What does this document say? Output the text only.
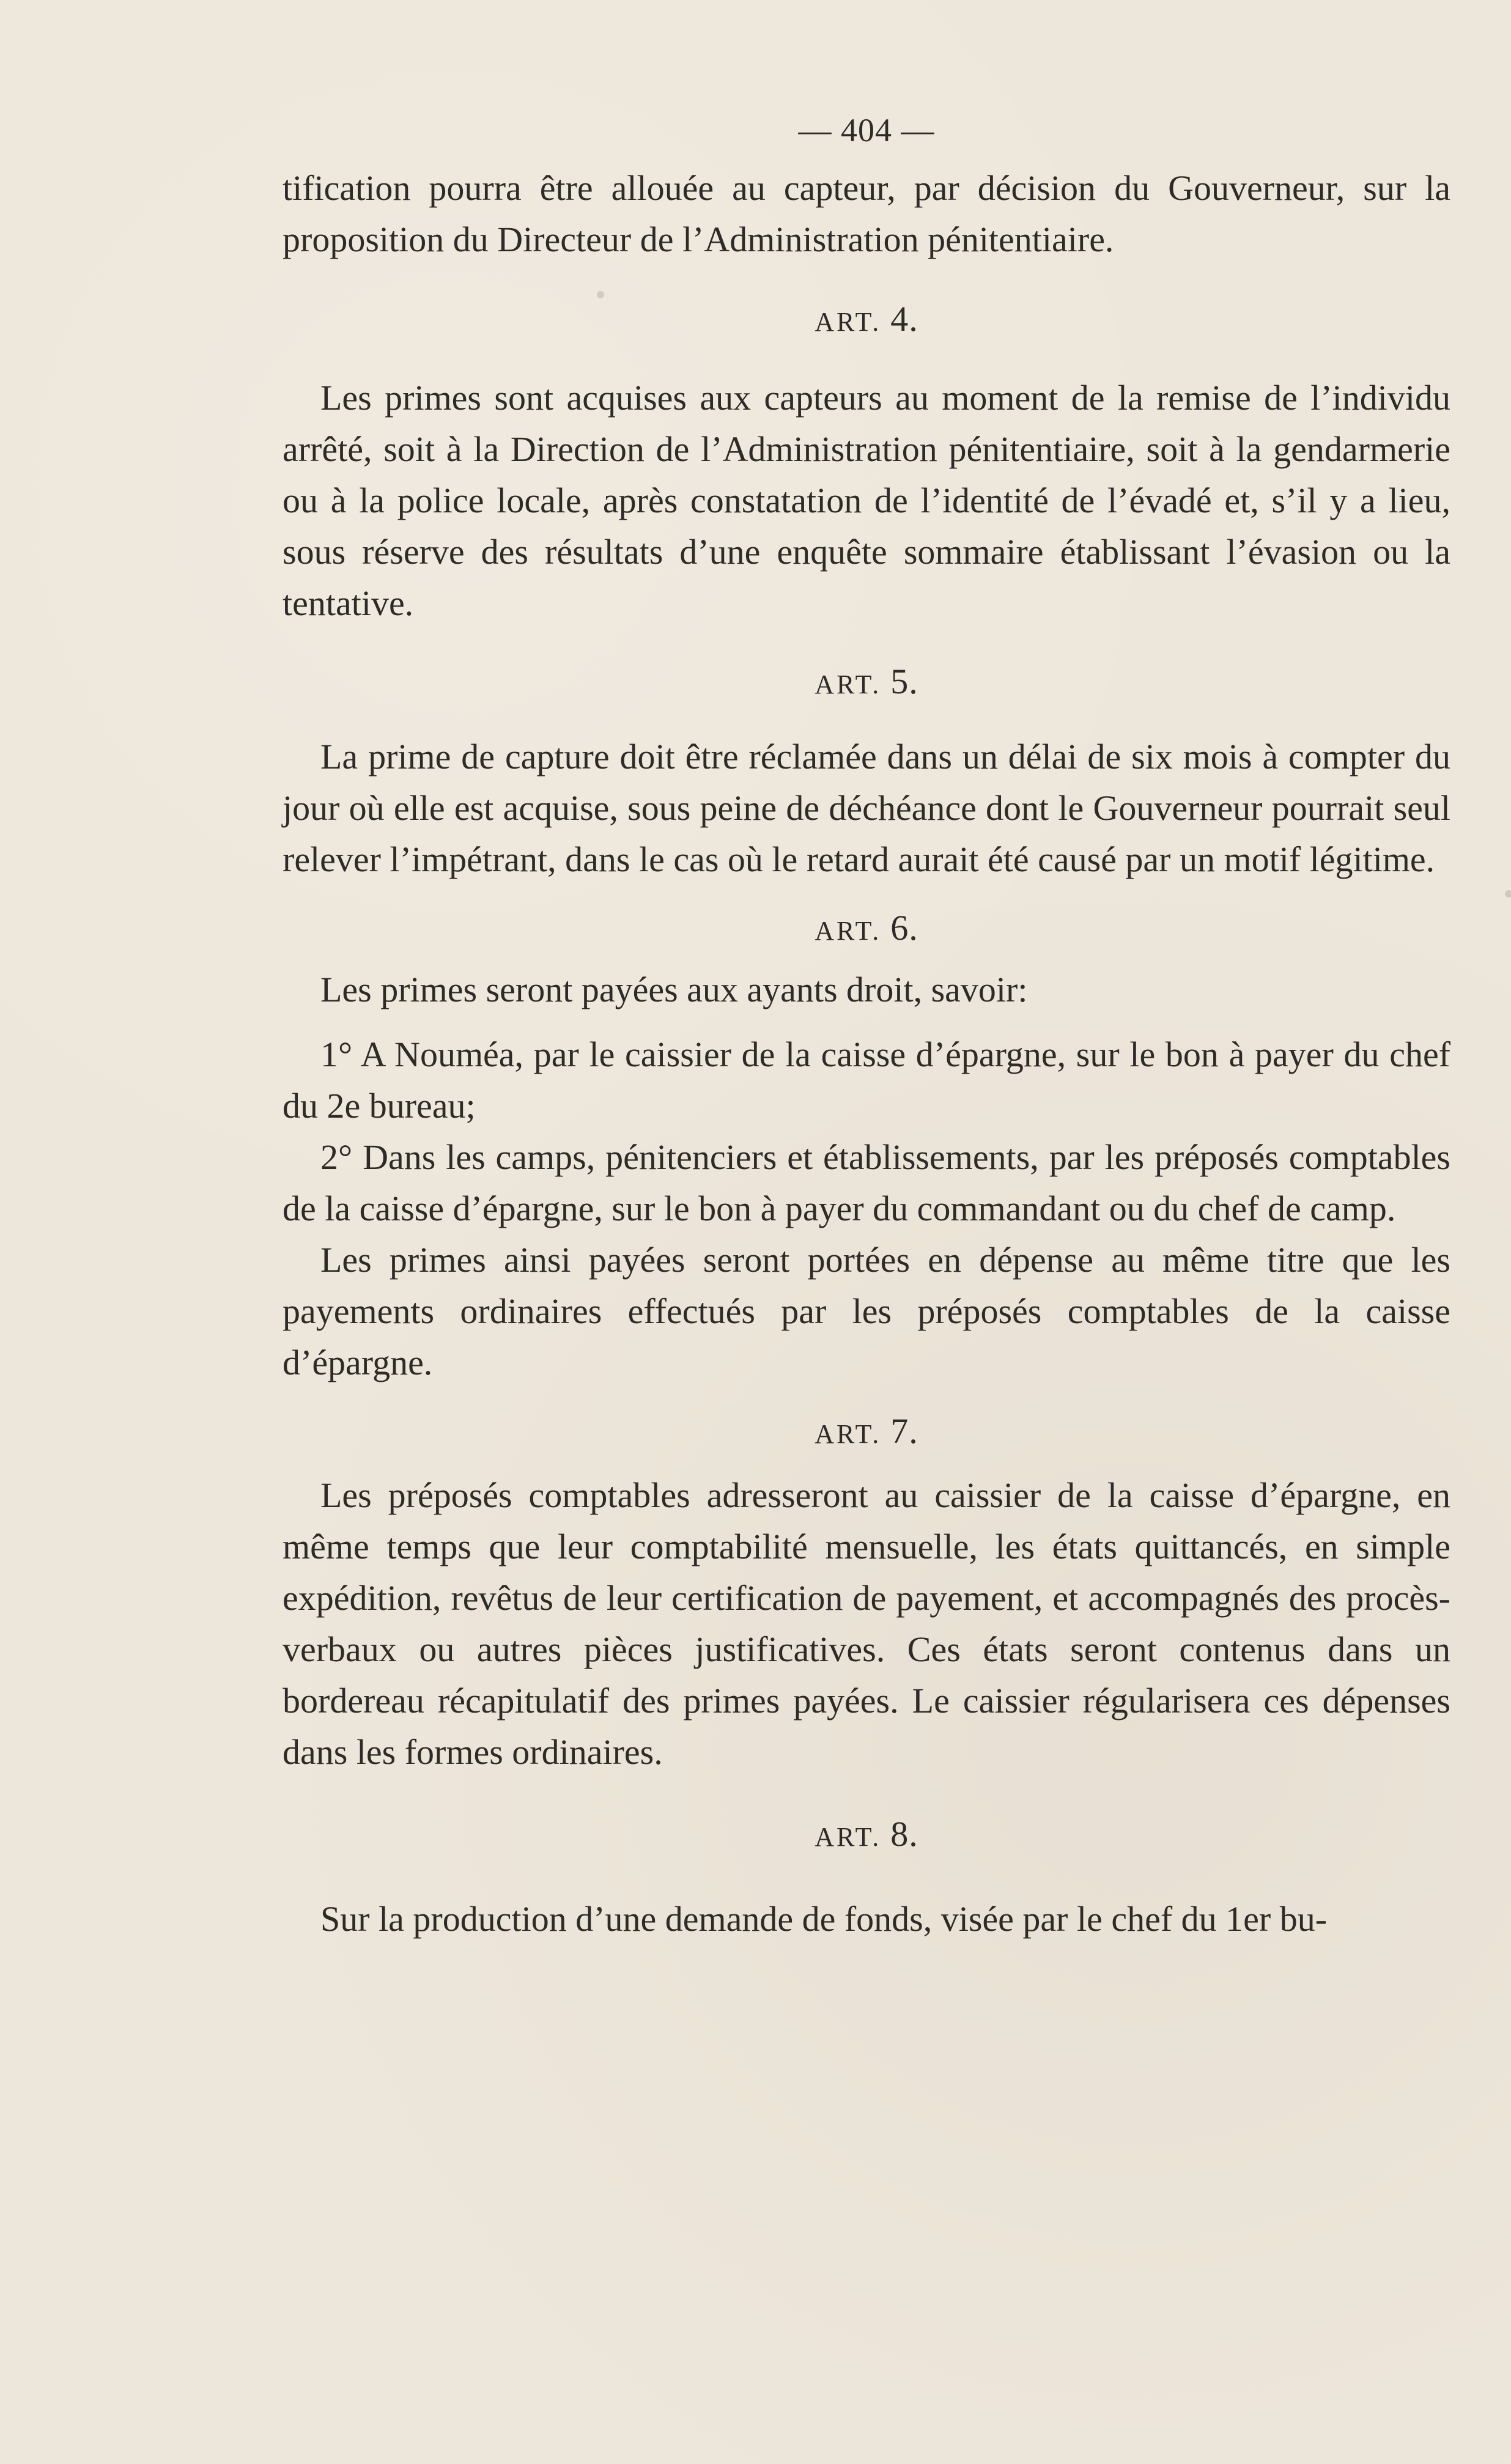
— 404 —

tification pourra être allouée au capteur, par décision du Gouverneur, sur la proposition du Directeur de l’Administration pénitentiaire.

ART. 4.

Les primes sont acquises aux capteurs au moment de la remise de l’individu arrêté, soit à la Direction de l’Administration pénitentiaire, soit à la gendarmerie ou à la police locale, après constatation de l’identité de l’évadé et, s’il y a lieu, sous réserve des résultats d’une enquête sommaire établissant l’évasion ou la tentative.

ART. 5.

La prime de capture doit être réclamée dans un délai de six mois à compter du jour où elle est acquise, sous peine de déchéance dont le Gouverneur pourrait seul relever l’impétrant, dans le cas où le retard aurait été causé par un motif légitime.

ART. 6.

Les primes seront payées aux ayants droit, savoir:

1° A Nouméa, par le caissier de la caisse d’épargne, sur le bon à payer du chef du 2e bureau;

2° Dans les camps, pénitenciers et établissements, par les préposés comptables de la caisse d’épargne, sur le bon à payer du commandant ou du chef de camp.

Les primes ainsi payées seront portées en dépense au même titre que les payements ordinaires effectués par les préposés comptables de la caisse d’épargne.

ART. 7.

Les préposés comptables adresseront au caissier de la caisse d’épargne, en même temps que leur comptabilité mensuelle, les états quittancés, en simple expédition, revêtus de leur certification de payement, et accompagnés des procès-verbaux ou autres pièces justificatives. Ces états seront contenus dans un bordereau récapitulatif des primes payées. Le caissier régularisera ces dépenses dans les formes ordinaires.

ART. 8.

Sur la production d’une demande de fonds, visée par le chef du 1er bu-
